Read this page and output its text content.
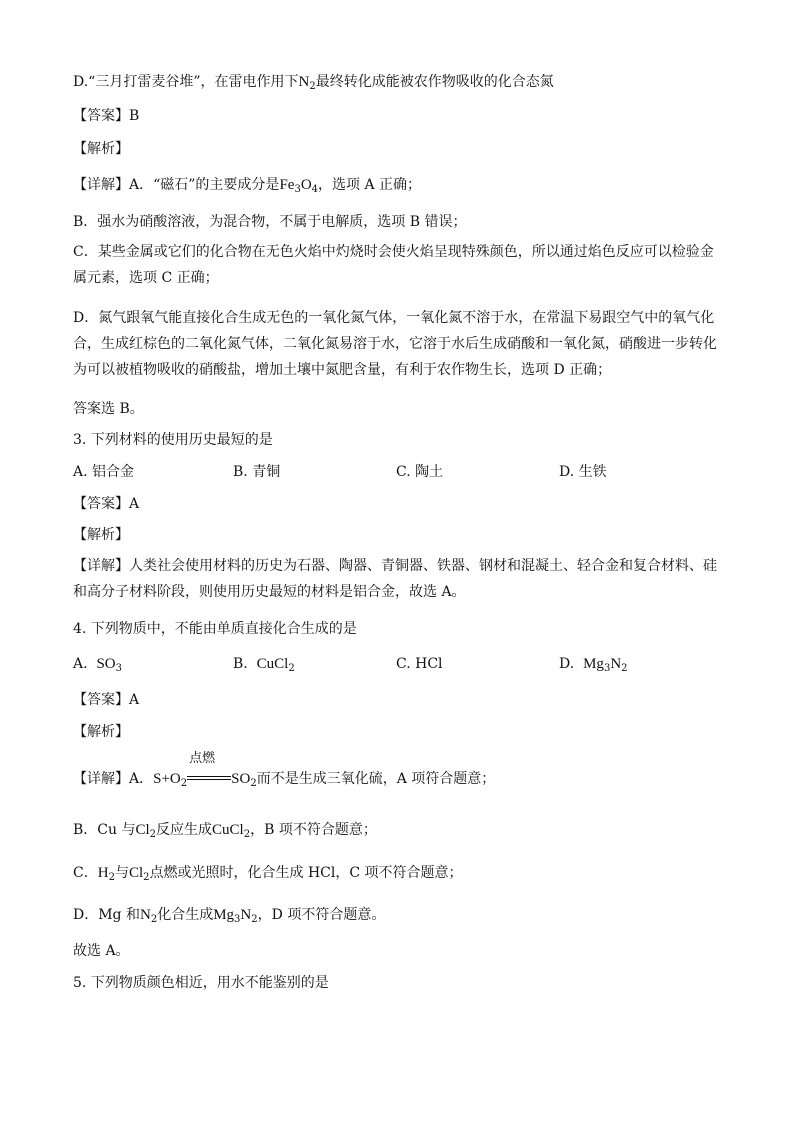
D.“三月打雷麦谷堆”，在雷电作用下$N_2$最终转化成能被农作物吸收的化合态氮
【答案】B
【解析】
【详解】A．“磁石”的主要成分是$Fe_3O_4$，选项 A 正确；
B．强水为硝酸溶液，为混合物，不属于电解质，选项 B 错误；
C．某些金属或它们的化合物在无色火焰中灼烧时会使火焰呈现特殊颜色，所以通过焰色反应可以检验金属元素，选项 C 正确；
D．氮气跟氧气能直接化合生成无色的一氧化氮气体，一氧化氮不溶于水，在常温下易跟空气中的氧气化合，生成红棕色的二氧化氮气体，二氧化氮易溶于水，它溶于水后生成硝酸和一氧化氮，硝酸进一步转化为可以被植物吸收的硝酸盐，增加土壤中氮肥含量，有利于农作物生长，选项 D 正确；
答案选 B。
3. 下列材料的使用历史最短的是
A. 铝合金	B. 青铜	C. 陶土	D. 生铁
【答案】A
【解析】
【详解】人类社会使用材料的历史为石器、陶器、青铜器、铁器、钢材和混凝土、轻合金和复合材料、硅和高分子材料阶段，则使用历史最短的材料是铝合金，故选 A。
4. 下列物质中，不能由单质直接化合生成的是
A. $SO_3$	B. CuCl$_2$	C. HCl	D. $Mg_3N_2$
【答案】A
【解析】
【详解】A．$S+O_2$
点燃
$SO_2$而不是生成三氧化硫，A 项符合题意；
B．Cu 与$Cl_2$反应生成CuCl$_2$，B 项不符合题意；
C．$H_2$与$Cl_2$点燃或光照时，化合生成 HCl，C 项不符合题意；
D．Mg 和$N_2$化合生成$Mg_3N_2$，D 项不符合题意。
故选 A。
5. 下列物质颜色相近，用水不能鉴别的是
